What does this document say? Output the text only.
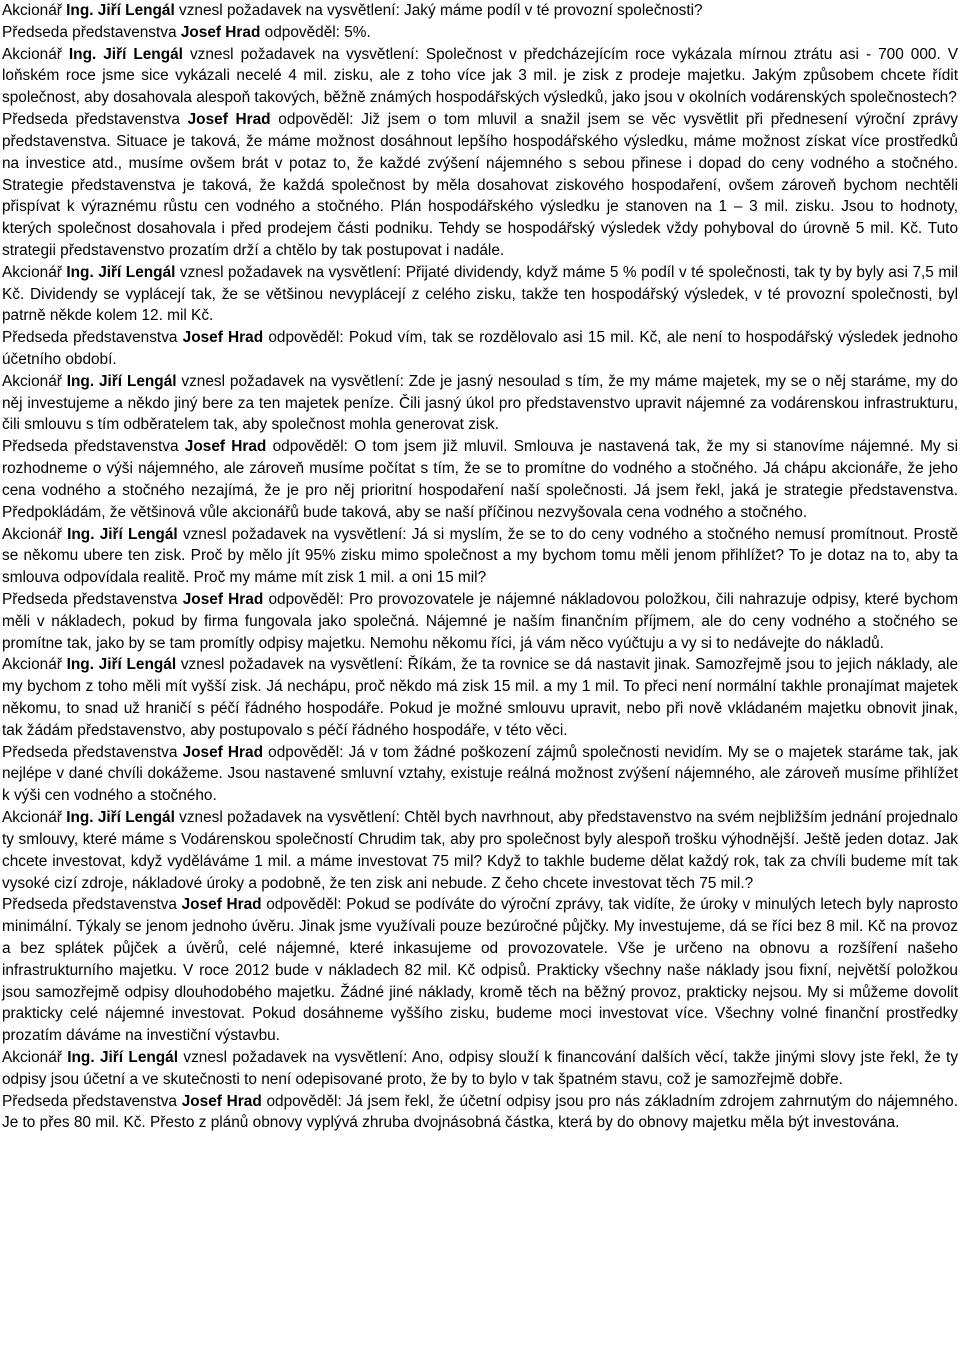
Akcionář Ing. Jiří Lengál vznesl požadavek na vysvětlení: Jaký máme podíl v té provozní společnosti?

Předseda představenstva Josef Hrad odpověděl: 5%.

Akcionář Ing. Jiří Lengál vznesl požadavek na vysvětlení: Společnost v předcházejícím roce vykázala mírnou ztrátu asi - 700 000. V loňském roce jsme sice vykázali necelé 4 mil. zisku, ale z toho více jak 3 mil. je zisk z prodeje majetku. Jakým způsobem chcete řídit společnost, aby dosahovala alespoň takových, běžně známých hospodářských výsledků, jako jsou v okolních vodárenských společnostech?

Předseda představenstva Josef Hrad odpověděl: Již jsem o tom mluvil a snažil jsem se věc vysvětlit při přednesení výroční zprávy představenstva. Situace je taková, že máme možnost dosáhnout lepšího hospodářského výsledku, máme možnost získat více prostředků na investice atd., musíme ovšem brát v potaz to, že každé zvýšení nájemného s sebou přinese i dopad do ceny vodného a stočného. Strategie představenstva je taková, že každá společnost by měla dosahovat ziskového hospodaření, ovšem zároveň bychom nechtěli přispívat k výraznému růstu cen vodného a stočného. Plán hospodářského výsledku je stanoven na 1 – 3 mil. zisku. Jsou to hodnoty, kterých společnost dosahovala i před prodejem části podniku. Tehdy se hospodářský výsledek vždy pohyboval do úrovně 5 mil. Kč. Tuto strategii představenstvo prozatím drží a chtělo by tak postupovat i nadále.

Akcionář Ing. Jiří Lengál vznesl požadavek na vysvětlení: Přijaté dividendy, když máme 5 % podíl v té společnosti, tak ty by byly asi 7,5 mil Kč. Dividendy se vyplácejí tak, že se většinou nevyplácejí z celého zisku, takže ten hospodářský výsledek, v té provozní společnosti, byl patrně někde kolem 12. mil Kč.

Předseda představenstva Josef Hrad odpověděl: Pokud vím, tak se rozdělovalo asi 15 mil. Kč, ale není to hospodářský výsledek jednoho účetního období.

Akcionář Ing. Jiří Lengál vznesl požadavek na vysvětlení: Zde je jasný nesoulad s tím, že my máme majetek, my se o něj staráme, my do něj investujeme a někdo jiný bere za ten majetek peníze. Čili jasný úkol pro představenstvo upravit nájemné za vodárenskou infrastrukturu, čili smlouvu s tím odběratelem tak, aby společnost mohla generovat zisk.

Předseda představenstva Josef Hrad odpověděl: O tom jsem již mluvil. Smlouva je nastavená tak, že my si stanovíme nájemné. My si rozhodneme o výši nájemného, ale zároveň musíme počítat s tím, že se to promítne do vodného a stočného. Já chápu akcionáře, že jeho cena vodného a stočného nezajímá, že je pro něj prioritní hospodaření naší společnosti. Já jsem řekl, jaká je strategie představenstva. Předpokládám, že většinová vůle akcionářů bude taková, aby se naší příčinou nezvyšovala cena vodného a stočného.

Akcionář Ing. Jiří Lengál vznesl požadavek na vysvětlení: Já si myslím, že se to do ceny vodného a stočného nemusí promítnout. Prostě se někomu ubere ten zisk. Proč by mělo jít 95% zisku mimo společnost a my bychom tomu měli jenom přihlížet? To je dotaz na to, aby ta smlouva odpovídala realitě. Proč my máme mít zisk 1 mil. a oni 15 mil?

Předseda představenstva Josef Hrad odpověděl: Pro provozovatele je nájemné nákladovou položkou, čili nahrazuje odpisy, které bychom měli v nákladech, pokud by firma fungovala jako společná. Nájemné je naším finančním příjmem, ale do ceny vodného a stočného se promítne tak, jako by se tam promítly odpisy majetku. Nemohu někomu říci, já vám něco vyúčtuju a vy si to nedávejte do nákladů.

Akcionář Ing. Jiří Lengál vznesl požadavek na vysvětlení: Říkám, že ta rovnice se dá nastavit jinak. Samozřejmě jsou to jejich náklady, ale my bychom z toho měli mít vyšší zisk. Já nechápu, proč někdo má zisk 15 mil. a my 1 mil. To přeci není normální takhle pronajímat majetek někomu, to snad už hraničí s péčí řádného hospodáře. Pokud je možné smlouvu upravit, nebo při nově vkládaném majetku obnovit jinak, tak žádám představenstvo, aby postupovalo s péčí řádného hospodáře, v této věci.

Předseda představenstva Josef Hrad odpověděl: Já v tom žádné poškození zájmů společnosti nevidím. My se o majetek staráme tak, jak nejlépe v dané chvíli dokážeme. Jsou nastavené smluvní vztahy, existuje reálná možnost zvýšení nájemného, ale zároveň musíme přihlížet k výši cen vodného a stočného.

Akcionář Ing. Jiří Lengál vznesl požadavek na vysvětlení: Chtěl bych navrhnout, aby představenstvo na svém nejbližším jednání projednalo ty smlouvy, které máme s Vodárenskou společností Chrudim tak, aby pro společnost byly alespoň trošku výhodnější. Ještě jeden dotaz. Jak chcete investovat, když vyděláváme 1 mil. a máme investovat 75 mil? Když to takhle budeme dělat každý rok, tak za chvíli budeme mít tak vysoké cizí zdroje, nákladové úroky a podobně, že ten zisk ani nebude. Z čeho chcete investovat těch 75 mil.?

Předseda představenstva Josef Hrad odpověděl: Pokud se podíváte do výroční zprávy, tak vidíte, že úroky v minulých letech byly naprosto minimální. Týkaly se jenom jednoho úvěru. Jinak jsme využívali pouze bezúročné půjčky. My investujeme, dá se říci bez 8 mil. Kč na provoz a bez splátek půjček a úvěrů, celé nájemné, které inkasujeme od provozovatele. Vše je určeno na obnovu a rozšíření našeho infrastrukturního majetku. V roce 2012 bude v nákladech 82 mil. Kč odpisů. Prakticky všechny naše náklady jsou fixní, největší položkou jsou samozřejmě odpisy dlouhodobého majetku. Žádné jiné náklady, kromě těch na běžný provoz, prakticky nejsou. My si můžeme dovolit prakticky celé nájemné investovat. Pokud dosáhneme vyššího zisku, budeme moci investovat více. Všechny volné finanční prostředky prozatím dáváme na investiční výstavbu.

Akcionář Ing. Jiří Lengál vznesl požadavek na vysvětlení: Ano, odpisy slouží k financování dalších věcí, takže jinými slovy jste řekl, že ty odpisy jsou účetní a ve skutečnosti to není odepisované proto, že by to bylo v tak špatném stavu, což je samozřejmě dobře.

Předseda představenstva Josef Hrad odpověděl: Já jsem řekl, že účetní odpisy jsou pro nás základním zdrojem zahrnutým do nájemného. Je to přes 80 mil. Kč. Přesto z plánů obnovy vyplývá zhruba dvojnásobná částka, která by do obnovy majetku měla být investována.
